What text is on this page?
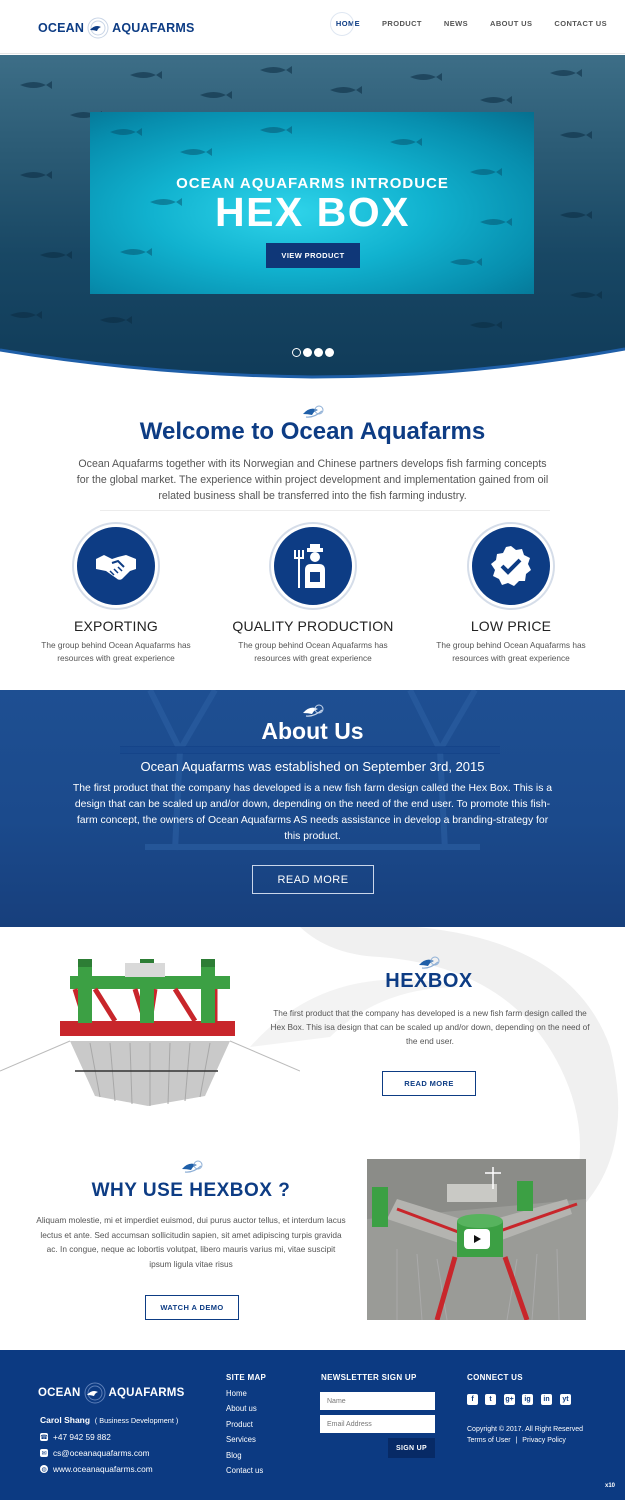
OCEAN AQUAFARMS	HOME	PRODUCT	NEWS	ABOUT US	CONTACT US
OCEAN AQUAFARMS INTRODUCE
HEX BOX
VIEW PRODUCT
Welcome to Ocean Aquafarms
Ocean Aquafarms together with its Norwegian and Chinese partners develops fish farming concepts for the global market. The experience within project development and implementation gained from oil related business shall be transferred into the fish farming industry.
EXPORTING
The group behind Ocean Aquafarms has resources with great experience
QUALITY PRODUCTION
The group behind Ocean Aquafarms has resources with great experience
LOW PRICE
The group behind Ocean Aquafarms has resources with great experience
About Us
Ocean Aquafarms was established on September 3rd, 2015
The first product that the company has developed is a new fish farm design called the Hex Box. This is a design that can be scaled up and/or down, depending on the need of the end user. To promote this fish-farm concept, the owners of Ocean Aquafarms AS needs assistance in develop a branding-strategy for this product.
READ MORE
HEXBOX
The first product that the company has developed is a new fish farm design called the Hex Box. This isa design that can be scaled up and/or down, depending on the need of the end user.
READ MORE
WHY USE HEXBOX ?
Aliquam molestie, mi et imperdiet euismod, dui purus auctor tellus, et interdum lacus lectus et ante. Sed accumsan sollicitudin sapien, sit amet adipiscing turpis gravida ac. In congue, neque ac lobortis volutpat, libero mauris varius mi, vitae suscipit ipsum ligula vitae risus
WATCH A DEMO
OCEAN AQUAFARMS
Carol Shang ( Business Development )
☎ +47 942 59 882
✉ cs@oceanaquafarms.com
◍ www.oceanaquafarms.com
SITE MAP
Home
About us
Product
Services
Blog
Contact us
NEWSLETTER SIGN UP
Name
Email Address
CONNECT US
Copyright © 2017. All Right Reserved
Terms of User | Privacy Policy
SIGN UP
f	t	g+	ig	in	yt
x10
